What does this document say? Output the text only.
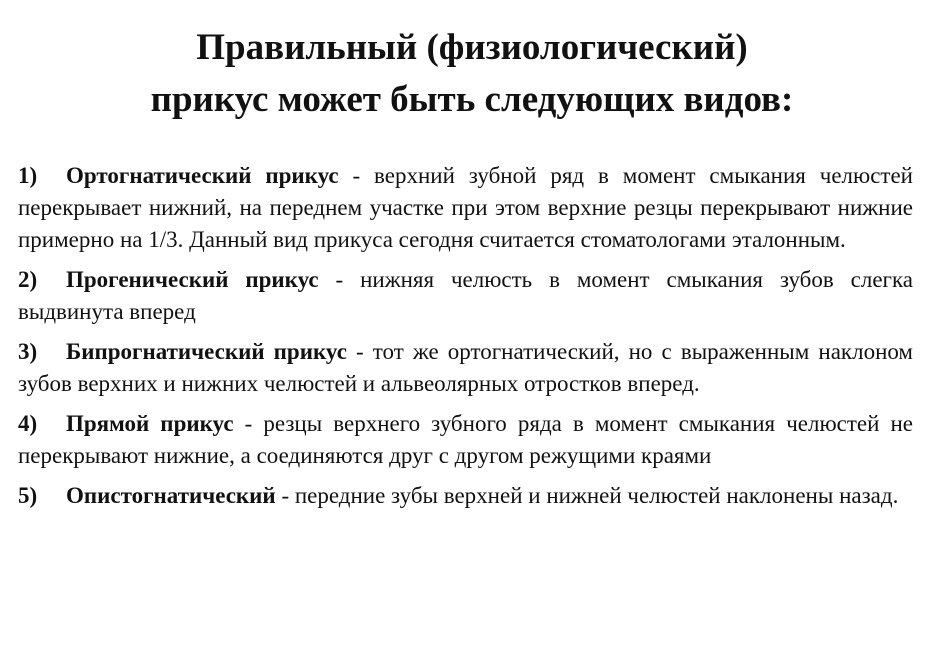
Правильный (физиологический)
прикус может быть следующих видов:
1) Ортогнатический прикус - верхний зубной ряд в момент смыкания челюстей перекрывает нижний, на переднем участке при этом верхние резцы перекрывают нижние примерно на 1/3. Данный вид прикуса сегодня считается стоматологами эталонным.
2) Прогенический прикус - нижняя челюсть в момент смыкания зубов слегка выдвинута вперед
3) Бипрогнатический прикус - тот же ортогнатический, но с выраженным наклоном зубов верхних и нижних челюстей и альвеолярных отростков вперед.
4) Прямой прикус - резцы верхнего зубного ряда в момент смыкания челюстей не перекрывают нижние, а соединяются друг с другом режущими краями
5) Опистогнатический - передние зубы верхней и нижней челюстей наклонены назад.
